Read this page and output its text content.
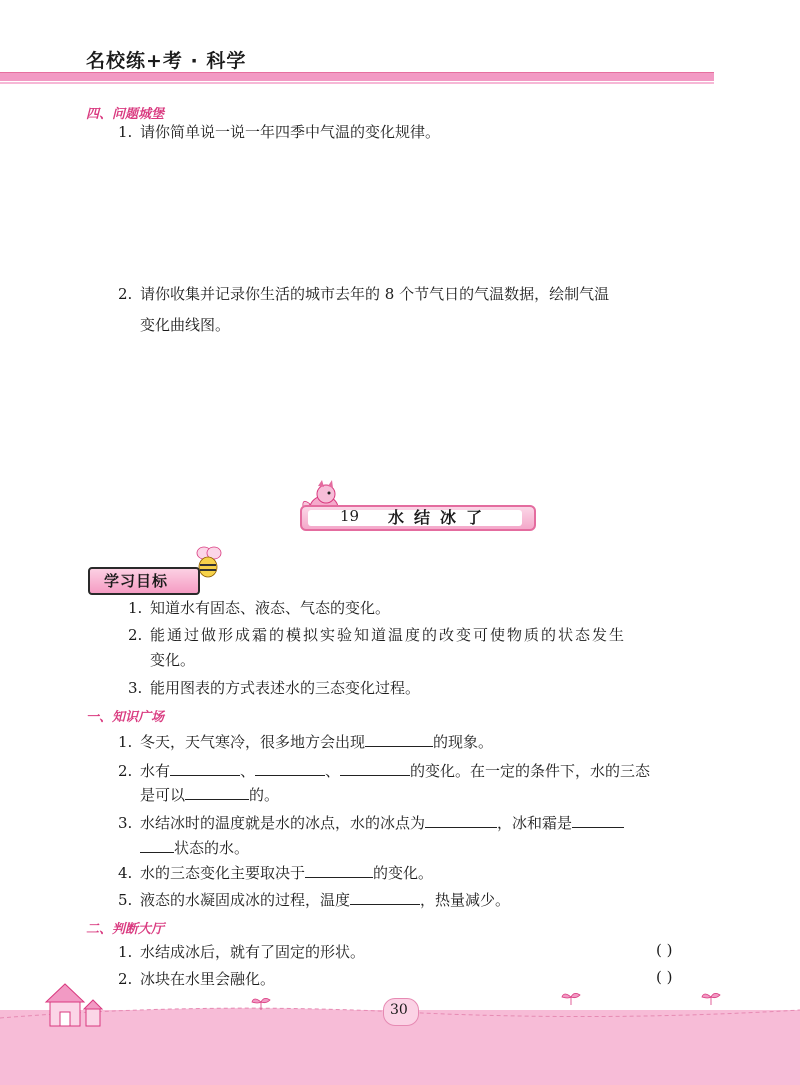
名校练+考 · 科学
四、问题城堡
1. 请你简单说一说一年四季中气温的变化规律。
2. 请你收集并记录你生活的城市去年的 8 个节气日的气温数据，绘制气温
变化曲线图。
19 水结冰了
学习目标
1. 知道水有固态、液态、气态的变化。
2. 能通过做形成霜的模拟实验知道温度的改变可使物质的状态发生
变化。
3. 能用图表的方式表述水的三态变化过程。
一、知识广场
1. 冬天，天气寒冷，很多地方会出现	的现象。
2. 水有	、	、	的变化。在一定的条件下，水的三态
是可以	的。
3. 水结冰时的温度就是水的冰点，水的冰点为	，冰和霜是
状态的水。
4. 水的三态变化主要取决于	的变化。
5. 液态的水凝固成冰的过程，温度	，热量减少。
二、判断大厅
1. 水结成冰后，就有了固定的形状。	( )
2. 冰块在水里会融化。	( )
30
